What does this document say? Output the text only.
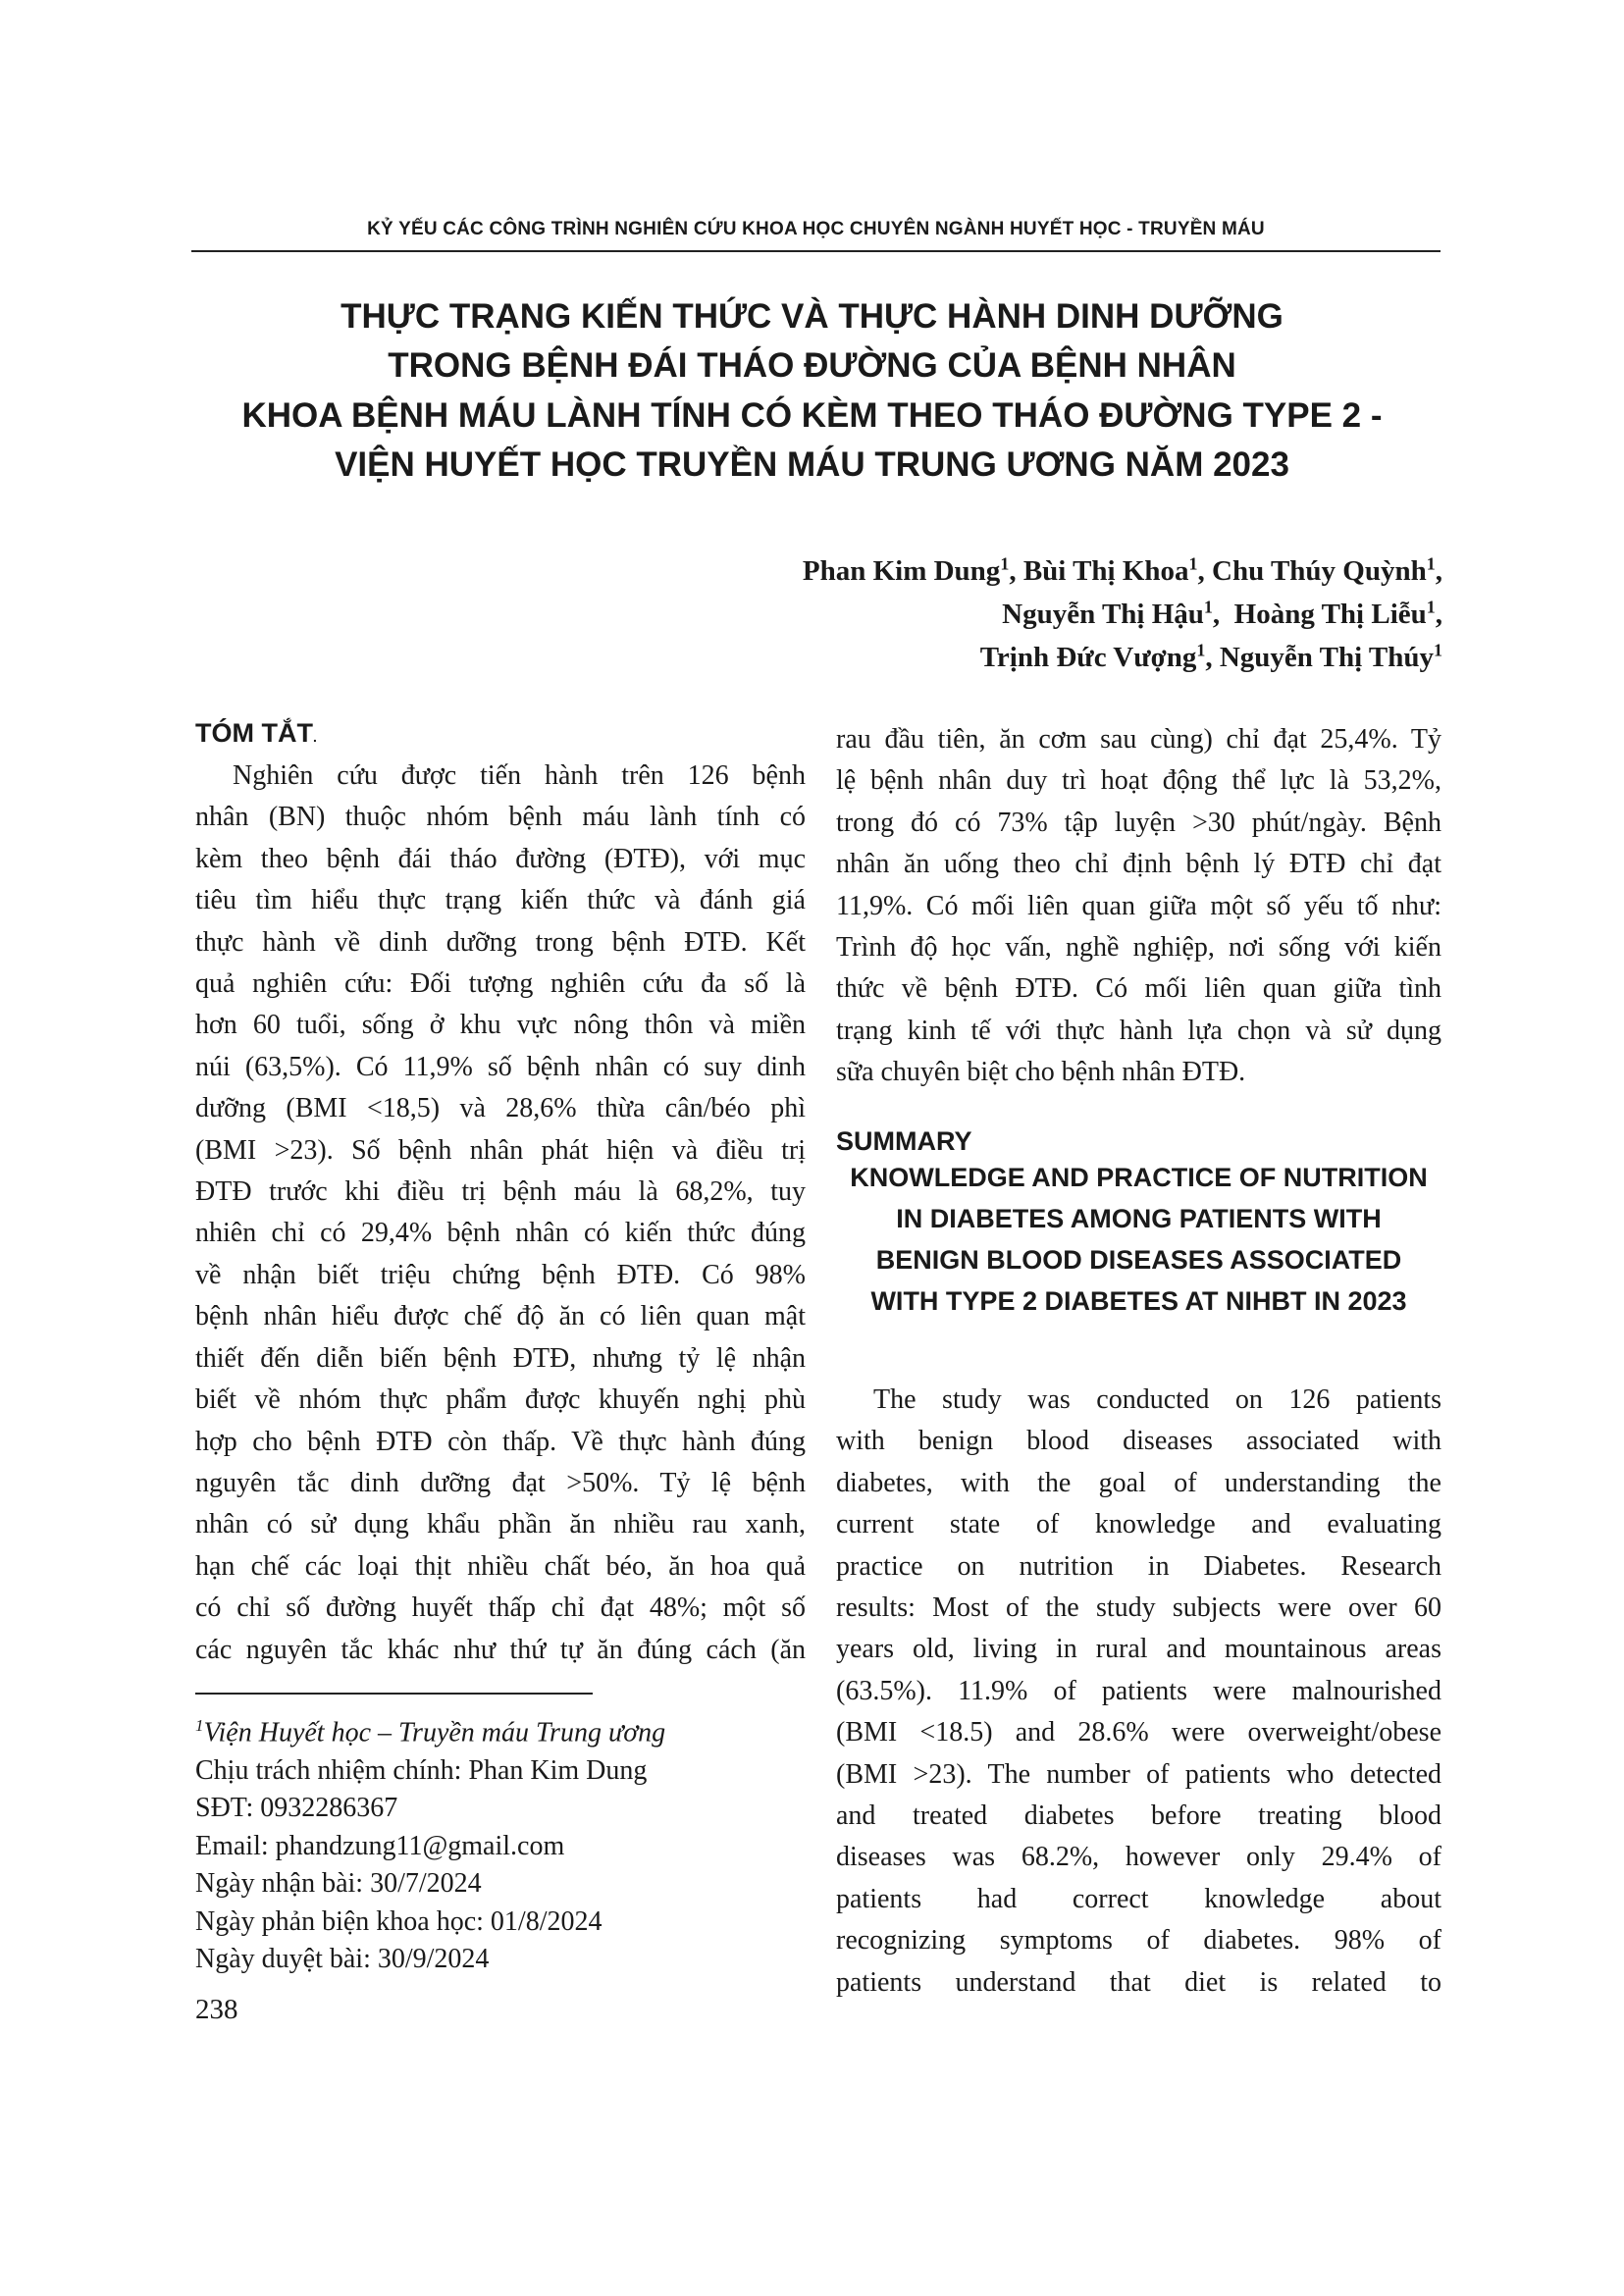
KỶ YẾU CÁC CÔNG TRÌNH NGHIÊN CỨU KHOA HỌC CHUYÊN NGÀNH HUYẾT HỌC - TRUYỀN MÁU
THỰC TRẠNG KIẾN THỨC VÀ THỰC HÀNH DINH DƯỠNG
TRONG BỆNH ĐÁI THÁO ĐƯỜNG CỦA BỆNH NHÂN
KHOA BỆNH MÁU LÀNH TÍNH CÓ KÈM THEO THÁO ĐƯỜNG TYPE 2 -
VIỆN HUYẾT HỌC TRUYỀN MÁU TRUNG ƯƠNG NĂM 2023
Phan Kim Dung$^1$, Bùi Thị Khoa$^1$, Chu Thúy Quỳnh$^1$,
Nguyễn Thị Hậu$^1$,  Hoàng Thị Liễu$^1$,
Trịnh Đức Vượng$^1$, Nguyễn Thị Thúy$^1$
TÓM TẮT.
Nghiên cứu được tiến hành trên 126 bệnh
nhân (BN) thuộc nhóm bệnh máu lành tính có
kèm theo bệnh đái tháo đường (ĐTĐ), với mục
tiêu tìm hiểu thực trạng kiến thức và đánh giá
thực hành về dinh dưỡng trong bệnh ĐTĐ. Kết
quả nghiên cứu: Đối tượng nghiên cứu đa số là
hơn 60 tuổi, sống ở khu vực nông thôn và miền
núi (63,5%). Có 11,9% số bệnh nhân có suy dinh
dưỡng (BMI <18,5) và 28,6% thừa cân/béo phì
(BMI >23). Số bệnh nhân phát hiện và điều trị
ĐTĐ trước khi điều trị bệnh máu là 68,2%, tuy
nhiên chỉ có 29,4% bệnh nhân có kiến thức đúng
về nhận biết triệu chứng bệnh ĐTĐ. Có 98%
bệnh nhân hiểu được chế độ ăn có liên quan mật
thiết đến diễn biến bệnh ĐTĐ, nhưng tỷ lệ nhận
biết về nhóm thực phẩm được khuyến nghị phù
hợp cho bệnh ĐTĐ còn thấp. Về thực hành đúng
nguyên tắc dinh dưỡng đạt >50%. Tỷ lệ bệnh
nhân có sử dụng khẩu phần ăn nhiều rau xanh,
hạn chế các loại thịt nhiều chất béo, ăn hoa quả
có chỉ số đường huyết thấp chỉ đạt 48%; một số
các nguyên tắc khác như thứ tự ăn đúng cách (ăn
rau đầu tiên, ăn cơm sau cùng) chỉ đạt 25,4%. Tỷ
lệ bệnh nhân duy trì hoạt động thể lực là 53,2%,
trong đó có 73% tập luyện >30 phút/ngày. Bệnh
nhân ăn uống theo chỉ định bệnh lý ĐTĐ chỉ đạt
11,9%. Có mối liên quan giữa một số yếu tố như:
Trình độ học vấn, nghề nghiệp, nơi sống với kiến
thức về bệnh ĐTĐ. Có mối liên quan giữa tình
trạng kinh tế với thực hành lựa chọn và sử dụng
sữa chuyên biệt cho bệnh nhân ĐTĐ.
SUMMARY
KNOWLEDGE AND PRACTICE OF NUTRITION
IN DIABETES AMONG PATIENTS WITH
BENIGN BLOOD DISEASES ASSOCIATED
WITH TYPE 2 DIABETES AT NIHBT IN 2023
The study was conducted on 126 patients
with benign blood diseases associated with
diabetes, with the goal of understanding the
current state of knowledge and evaluating
practice on nutrition in Diabetes. Research
results: Most of the study subjects were over 60
years old, living in rural and mountainous areas
(63.5%). 11.9% of patients were malnourished
(BMI <18.5) and 28.6% were overweight/obese
(BMI >23). The number of patients who detected
and treated diabetes before treating blood
diseases was 68.2%, however only 29.4% of
patients had correct knowledge about
recognizing symptoms of diabetes. 98% of
patients understand that diet is related to
$^1$Viện Huyết học – Truyền máu Trung ương
Chịu trách nhiệm chính: Phan Kim Dung
SĐT: 0932286367
Email: phandzung11@gmail.com
Ngày nhận bài: 30/7/2024
Ngày phản biện khoa học: 01/8/2024
Ngày duyệt bài: 30/9/2024
238
